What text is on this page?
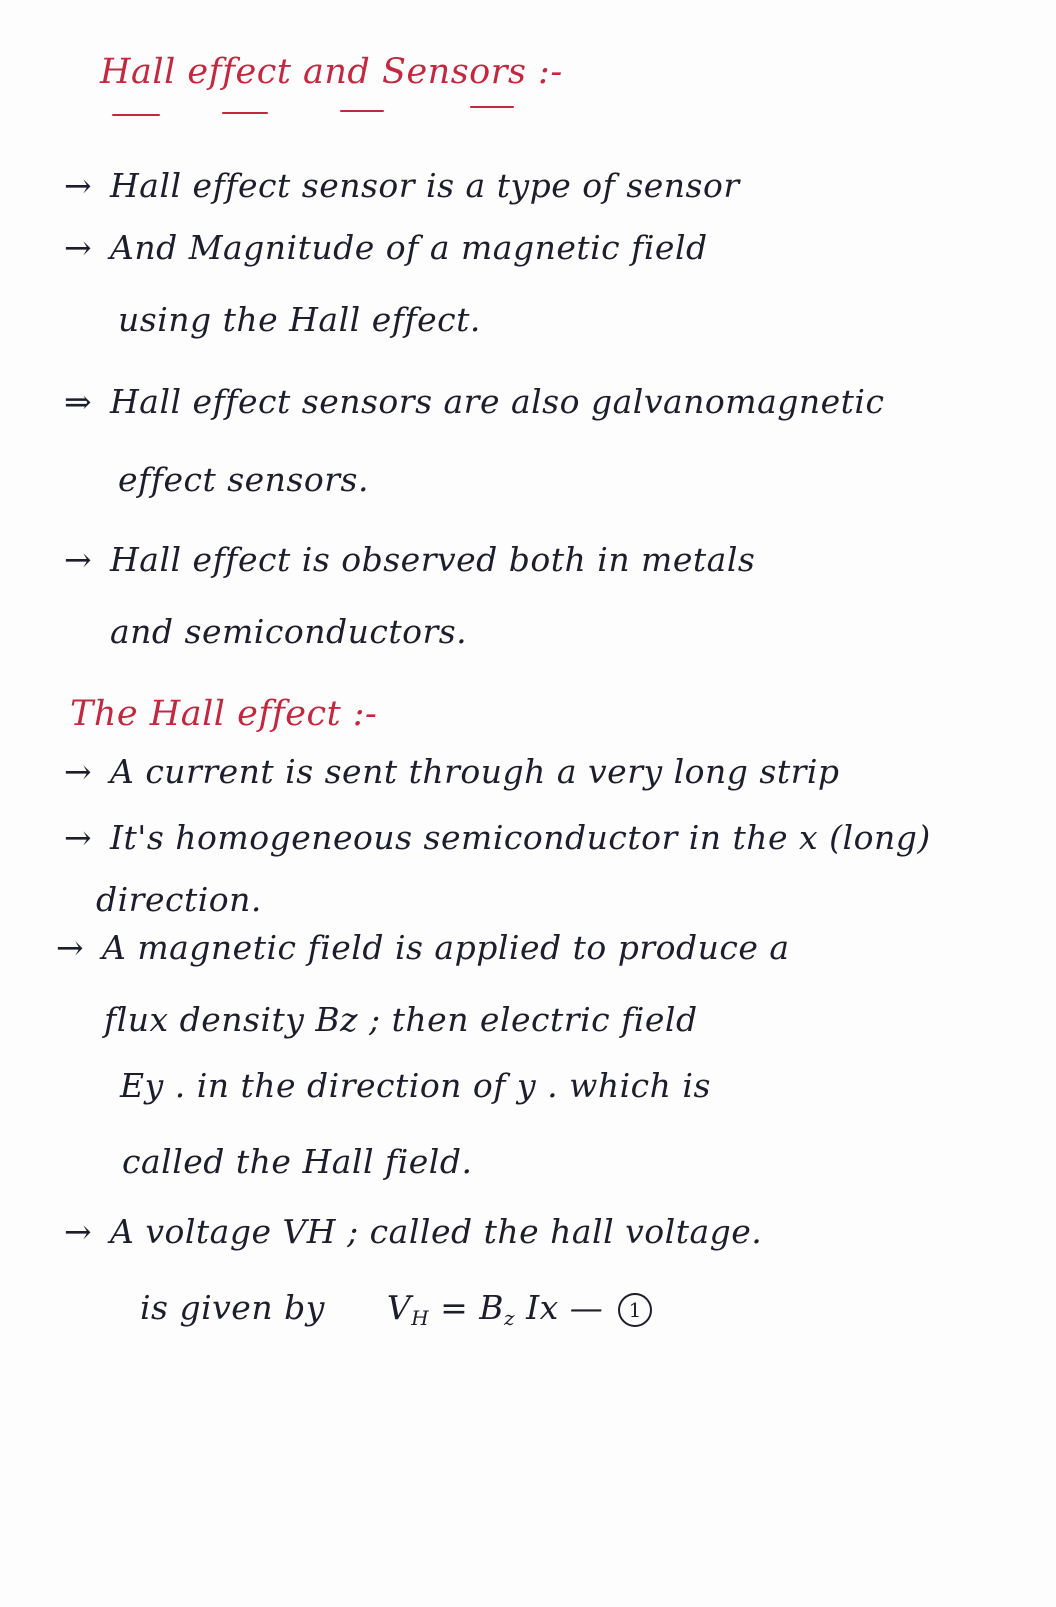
Hall effect and Sensors :-
→ Hall effect sensor is a type of sensor
→ And Magnitude of a magnetic field
using the Hall effect.
⇒ Hall effect sensors are also galvanomagnetic
effect sensors.
→ Hall effect is observed both in metals
and semiconductors.
The Hall effect :-
→ A current is sent through a very long strip
→ It's homogeneous semiconductor in the x (long)
direction.
→ A magnetic field is applied to produce a
flux density Bz ; then electric field
Ey . in the direction of y . which is
called the Hall field.
→ A voltage VH ; called the hall voltage.
is given by $V_H = B_z$ Ix — 1
